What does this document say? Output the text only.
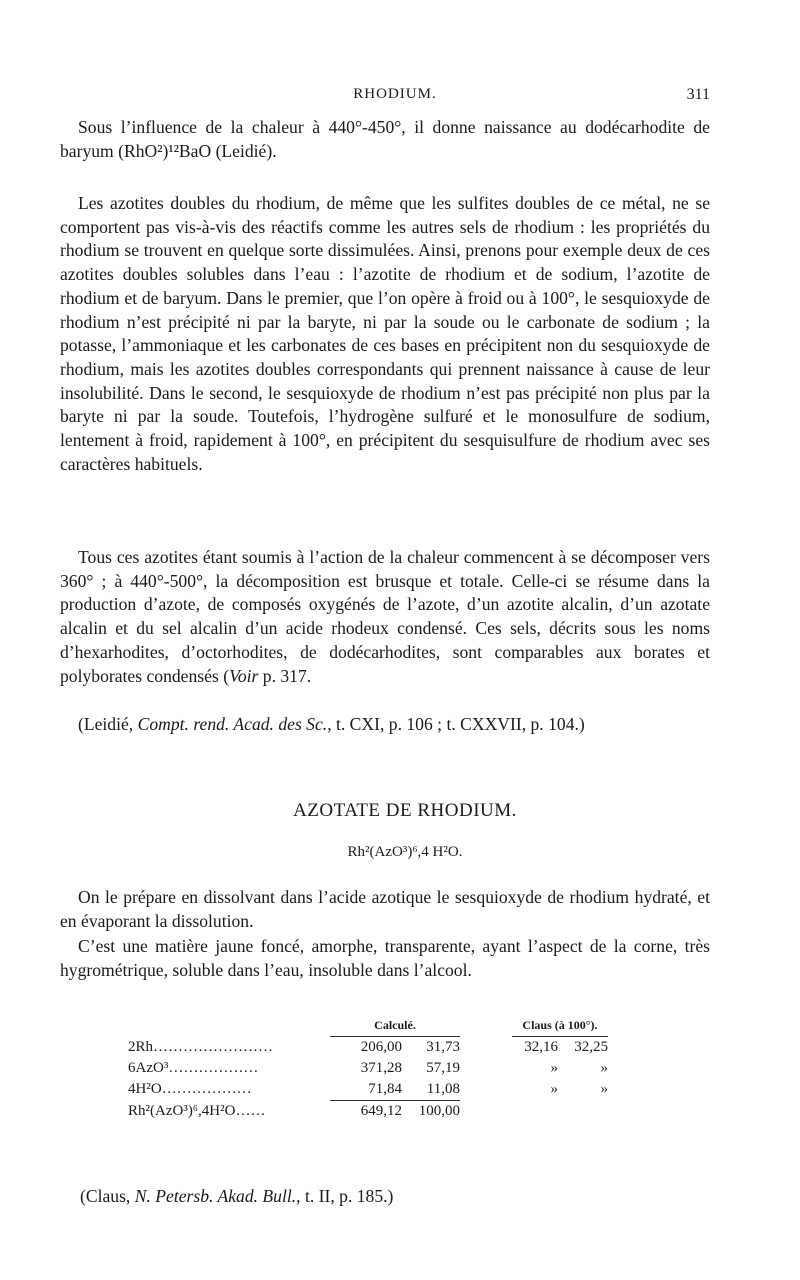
RHODIUM.	311

Sous l’influence de la chaleur à 440°-450°, il donne naissance au dodécarhodite de baryum (RhO²)¹²BaO (Leidié).

Les azotites doubles du rhodium, de même que les sulfites doubles de ce métal, ne se comportent pas vis-à-vis des réactifs comme les autres sels de rhodium : les propriétés du rhodium se trouvent en quelque sorte dissimulées. Ainsi, prenons pour exemple deux de ces azotites doubles solubles dans l’eau : l’azotite de rhodium et de sodium, l’azotite de rhodium et de baryum. Dans le premier, que l’on opère à froid ou à 100°, le sesquioxyde de rhodium n’est précipité ni par la baryte, ni par la soude ou le carbonate de sodium ; la potasse, l’ammoniaque et les carbonates de ces bases en précipitent non du sesquioxyde de rhodium, mais les azotites doubles correspondants qui prennent naissance à cause de leur insolubilité. Dans le second, le sesquioxyde de rhodium n’est pas précipité non plus par la baryte ni par la soude. Toutefois, l’hydrogène sulfuré et le monosulfure de sodium, lentement à froid, rapidement à 100°, en précipitent du sesquisulfure de rhodium avec ses caractères habituels.

Tous ces azotites étant soumis à l’action de la chaleur commencent à se décomposer vers 360° ; à 440°-500°, la décomposition est brusque et totale. Celle-ci se résume dans la production d’azote, de composés oxygénés de l’azote, d’un azotite alcalin, d’un azotate alcalin et du sel alcalin d’un acide rhodeux condensé. Ces sels, décrits sous les noms d’hexarhodites, d’octorhodites, de dodécarhodites, sont comparables aux borates et polyborates condensés (Voir p. 317.

(Leidié, Compt. rend. Acad. des Sc., t. CXI, p. 106 ; t. CXXVII, p. 104.)

AZOTATE DE RHODIUM.
Rh²(AzO³)⁶,4 H²O.

On le prépare en dissolvant dans l’acide azotique le sesquioxyde de rhodium hydraté, et en évaporant la dissolution.

C’est une matière jaune foncé, amorphe, transparente, ayant l’aspect de la corne, très hygrométrique, soluble dans l’eau, insoluble dans l’alcool.

	Calculé.			Claus (à 100°).	
2Rh……………………	206,00	31,73		32,16	32,25
6AzO³………………	371,28	57,19		»	»
4H²O………………	71,84	11,08		»	»
Rh²(AzO³)⁶,4H²O……	649,12	100,00			
(Claus, N. Petersb. Akad. Bull., t. II, p. 185.)
